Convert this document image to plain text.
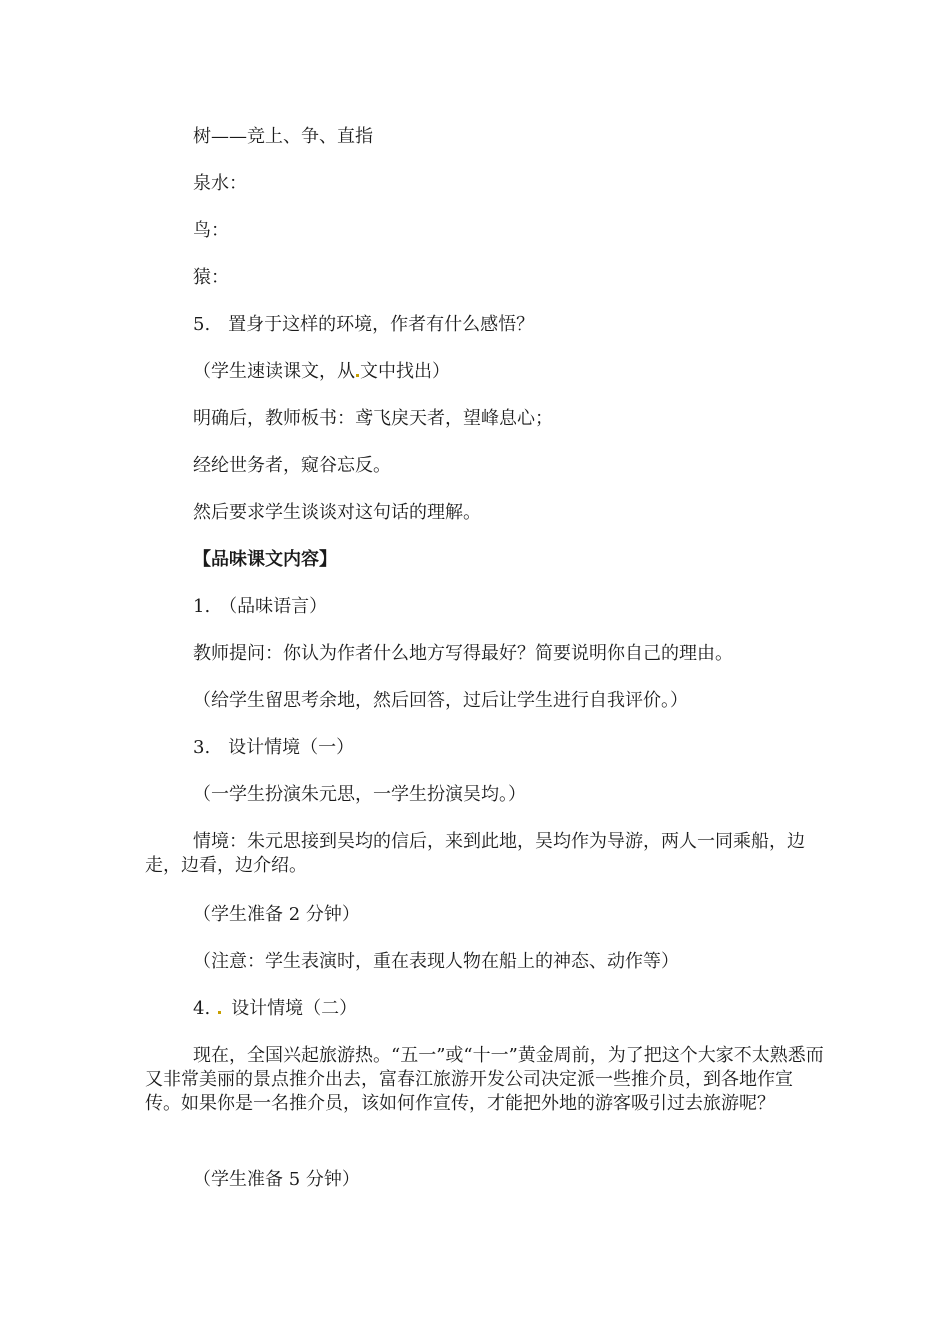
树——竞上、争、直指
泉水：
鸟：
猿：
5.　置身于这样的环境，作者有什么感悟？
（学生速读课文，从 文中找出）
明确后，教师板书：鸢飞戾天者，望峰息心；
经纶世务者，窥谷忘反。
然后要求学生谈谈对这句话的理解。
【品味课文内容】
1.　（品味语言）
教师提问：你认为作者什么地方写得最好？简要说明你自己的理由。
（给学生留思考余地，然后回答，过后让学生进行自我评价。）
3.　设计情境（一）
（一学生扮演朱元思，一学生扮演吴均。）
情境：朱元思接到吴均的信后，来到此地，吴均作为导游，两人一同乘船，边走，边看，边介绍。
（学生准备 2 分钟）
（注意：学生表演时，重在表现人物在船上的神态、动作等）
4. 设计情境（二）
现在，全国兴起旅游热。“五一”或“十一”黄金周前，为了把这个大家不太熟悉而又非常美丽的景点推介出去，富春江旅游开发公司决定派一些推介员，到各地作宣传。如果你是一名推介员，该如何作宣传，才能把外地的游客吸引过去旅游呢？
（学生准备 5 分钟）
